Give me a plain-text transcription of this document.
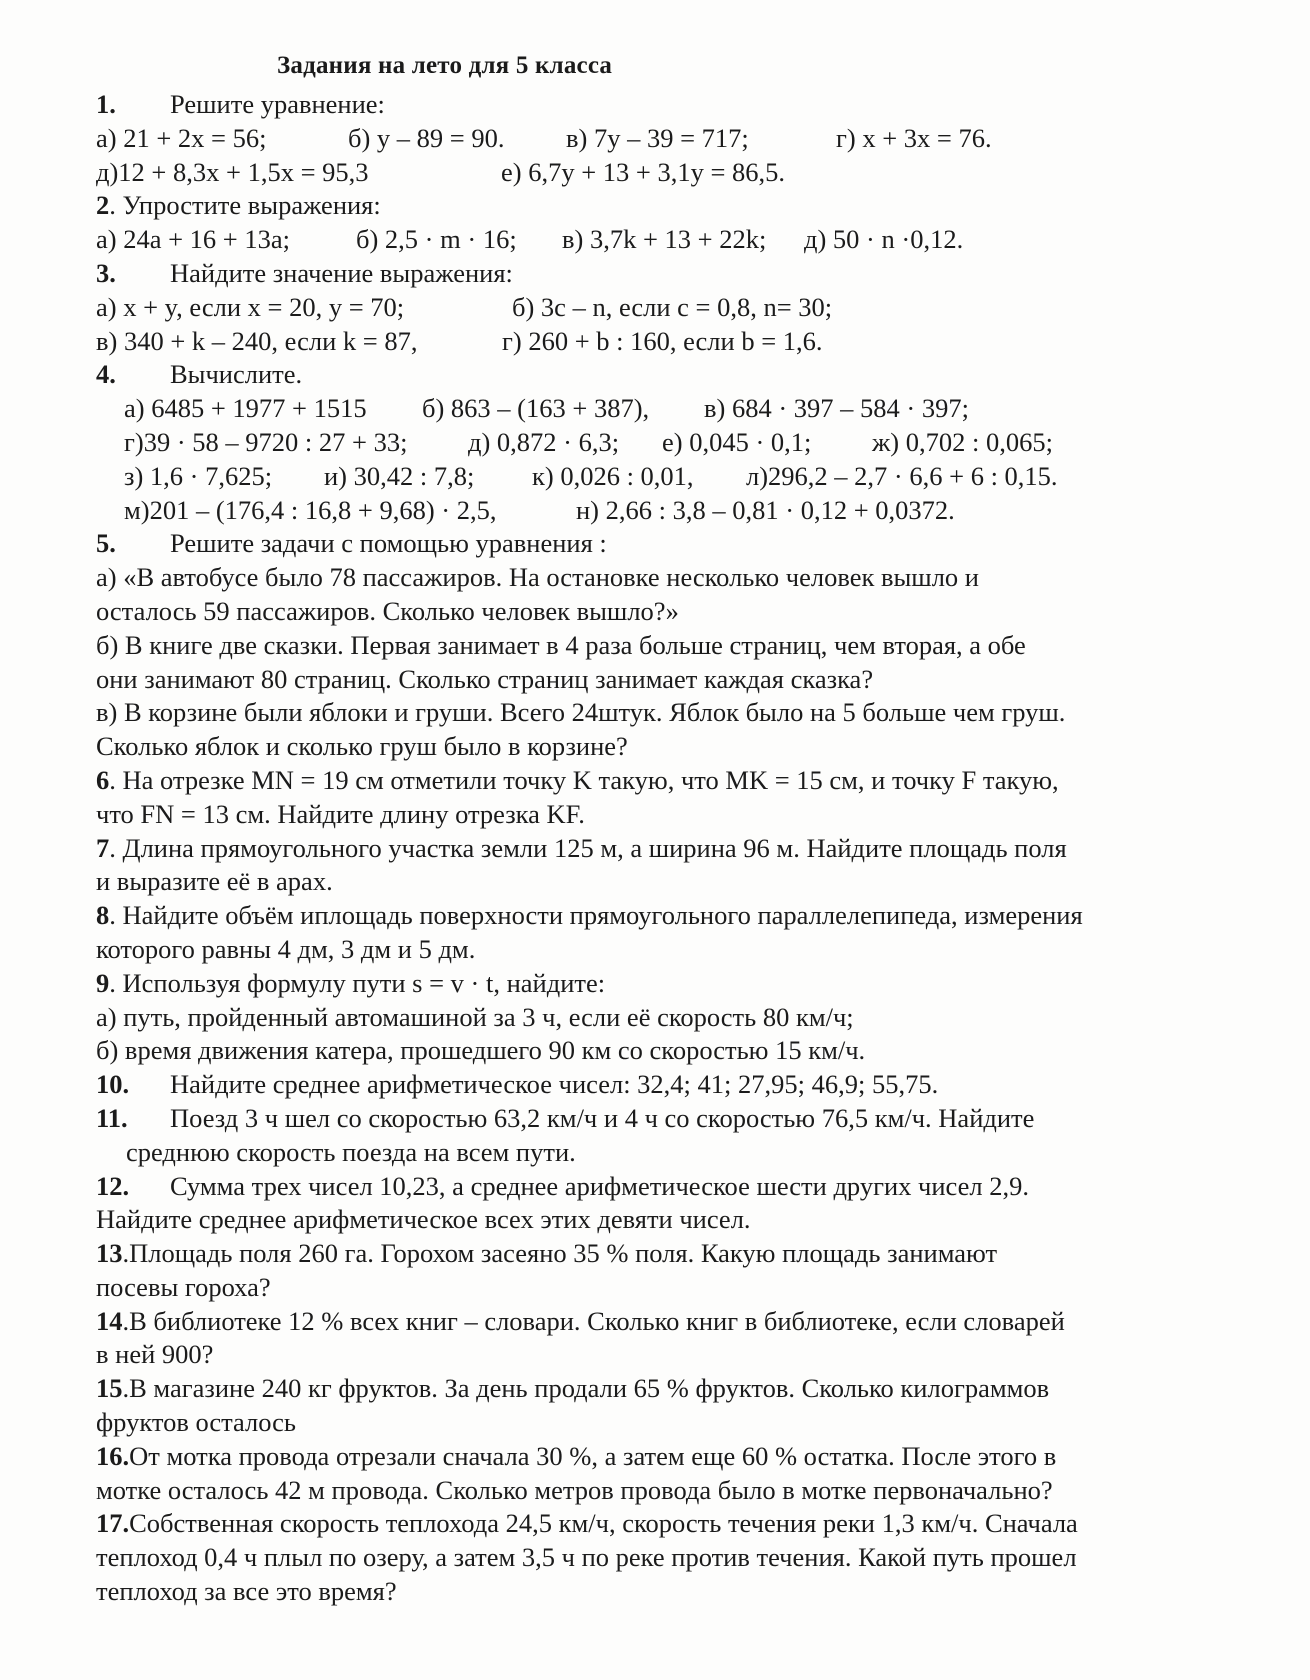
Задания на лето для 5 класса
1. Решите уравнение:
а) 21 + 2x = 56;	б) y – 89 = 90. в) 7y – 39 = 717;	г) x + 3x = 76.
д)12 + 8,3x + 1,5x = 95,3	е) 6,7y + 13 + 3,1y = 86,5.
2. Упростите выражения:
а) 24a + 16 + 13a; б) 2,5 · m · 16; в) 3,7k + 13 + 22k; д) 50 · n ·0,12.
3. Найдите значение выражения:
а) x + y, если x = 20, y = 70;	б) 3c – n, если c = 0,8, n= 30;
в) 340 + k – 240, если k = 87,	г) 260 + b : 160, если b = 1,6.
4. Вычислите.
а) 6485 + 1977 + 1515 б) 863 – (163 + 387), в) 684 · 397 – 584 · 397;
г)39 · 58 – 9720 : 27 + 33; д) 0,872 · 6,3; е) 0,045 · 0,1; ж) 0,702 : 0,065;
з) 1,6 · 7,625; и) 30,42 : 7,8; к) 0,026 : 0,01, л)296,2 – 2,7 · 6,6 + 6 : 0,15.
м)201 – (176,4 : 16,8 + 9,68) · 2,5,	н) 2,66 : 3,8 – 0,81 · 0,12 + 0,0372.
5. Решите задачи с помощью уравнения :
а) «В автобусе было 78 пассажиров. На остановке несколько человек вышло и
осталось 59 пассажиров. Сколько человек вышло?»
б) В книге две сказки. Первая занимает в 4 раза больше страниц, чем вторая, а обе
они занимают 80 страниц. Сколько страниц занимает каждая сказка?
в) В корзине были яблоки и груши. Всего 24штук. Яблок было на 5 больше чем груш.
Сколько яблок и сколько груш было в корзине?
6. На отрезке MN = 19 см отметили точку K такую, что MK = 15 см, и точку F такую,
что FN = 13 см. Найдите длину отрезка KF.
7. Длина прямоугольного участка земли 125 м, а ширина 96 м. Найдите площадь поля
и выразите её в арах.
8. Найдите объём иплощадь поверхности прямоугольного параллелепипеда, измерения
которого равны 4 дм, 3 дм и 5 дм.
9. Используя формулу пути s = v · t, найдите:
а) путь, пройденный автомашиной за 3 ч, если её скорость 80 км/ч;
б) время движения катера, прошедшего 90 км со скоростью 15 км/ч.
10. Найдите среднее арифметическое чисел: 32,4; 41; 27,95; 46,9; 55,75.
11. Поезд 3 ч шел со скоростью 63,2 км/ч и 4 ч со скоростью 76,5 км/ч. Найдите
среднюю скорость поезда на всем пути.
12. Сумма трех чисел 10,23, а среднее арифметическое шести других чисел 2,9.
Найдите среднее арифметическое всех этих девяти чисел.
13.Площадь поля 260 га. Горохом засеяно 35 % поля. Какую площадь занимают
посевы гороха?
14.В библиотеке 12 % всех книг – словари. Сколько книг в библиотеке, если словарей
в ней 900?
15.В магазине 240 кг фруктов. За день продали 65 % фруктов. Сколько килограммов
фруктов осталось
16.От мотка провода отрезали сначала 30 %, а затем еще 60 % остатка. После этого в
мотке осталось 42 м провода. Сколько метров провода было в мотке первоначально?
17.Собственная скорость теплохода 24,5 км/ч, скорость течения реки 1,3 км/ч. Сначала
теплоход 0,4 ч плыл по озеру, а затем 3,5 ч по реке против течения. Какой путь прошел
теплоход за все это время?
